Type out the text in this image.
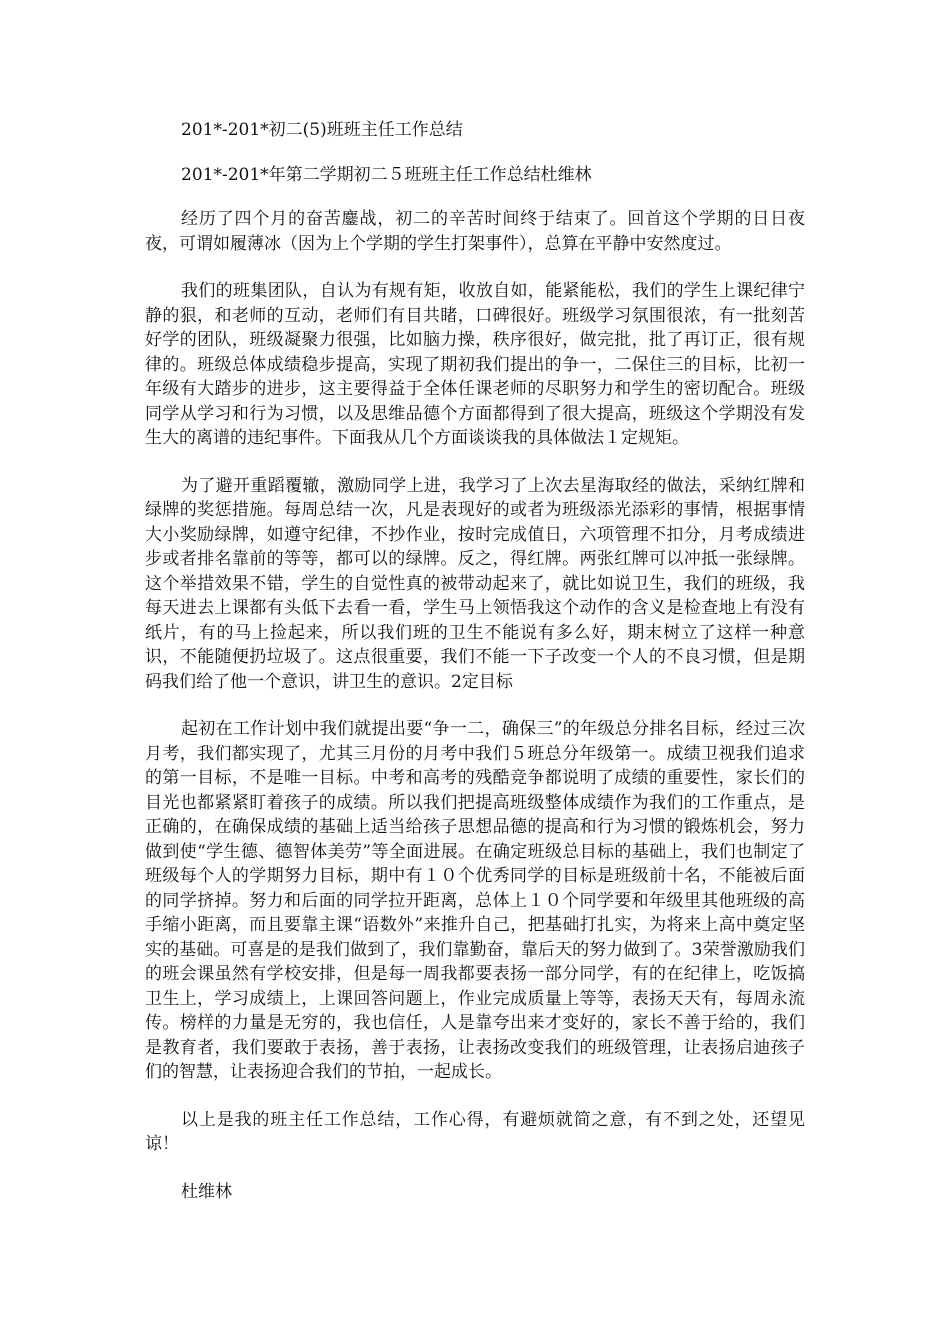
201*-201*初二(5)班班主任工作总结

201*-201*年第二学期初二５班班主任工作总结杜维林

经历了四个月的奋苦鏖战，初二的辛苦时间终于结束了。回首这个学期的日日夜夜，可谓如履薄冰（因为上个学期的学生打架事件），总算在平静中安然度过。

我们的班集团队，自认为有规有矩，收放自如，能紧能松，我们的学生上课纪律宁静的狠，和老师的互动，老师们有目共睹，口碑很好。班级学习氛围很浓，有一批刻苦好学的团队，班级凝聚力很强，比如脑力操，秩序很好，做完批，批了再订正，很有规律的。班级总体成绩稳步提高，实现了期初我们提出的争一，二保住三的目标，比初一年级有大踏步的进步，这主要得益于全体任课老师的尽职努力和学生的密切配合。班级同学从学习和行为习惯，以及思维品德个方面都得到了很大提高，班级这个学期没有发生大的离谱的违纪事件。下面我从几个方面谈谈我的具体做法１定规矩。

为了避开重蹈覆辙，激励同学上进，我学习了上次去星海取经的做法，采纳红牌和绿牌的奖惩措施。每周总结一次，凡是表现好的或者为班级添光添彩的事情，根据事情大小奖励绿牌，如遵守纪律，不抄作业，按时完成值日，六项管理不扣分，月考成绩进步或者排名靠前的等等，都可以的绿牌。反之，得红牌。两张红牌可以冲抵一张绿牌。这个举措效果不错，学生的自觉性真的被带动起来了，就比如说卫生，我们的班级，我每天进去上课都有头低下去看一看，学生马上领悟我这个动作的含义是检查地上有没有纸片，有的马上捡起来，所以我们班的卫生不能说有多么好，期末树立了这样一种意识，不能随便扔垃圾了。这点很重要，我们不能一下子改变一个人的不良习惯，但是期码我们给了他一个意识，讲卫生的意识。2定目标

起初在工作计划中我们就提出要“争一二，确保三”的年级总分排名目标，经过三次月考，我们都实现了，尤其三月份的月考中我们５班总分年级第一。成绩卫视我们追求的第一目标，不是唯一目标。中考和高考的残酷竞争都说明了成绩的重要性，家长们的目光也都紧紧盯着孩子的成绩。所以我们把提高班级整体成绩作为我们的工作重点，是正确的，在确保成绩的基础上适当给孩子思想品德的提高和行为习惯的锻炼机会，努力做到使“学生德、德智体美劳”等全面进展。在确定班级总目标的基础上，我们也制定了班级每个人的学期努力目标，期中有１０个优秀同学的目标是班级前十名，不能被后面的同学挤掉。努力和后面的同学拉开距离，总体上１０个同学要和年级里其他班级的高手缩小距离，而且要靠主课“语数外”来推升自己，把基础打扎实，为将来上高中奠定坚实的基础。可喜是的是我们做到了，我们靠勤奋，靠后天的努力做到了。3荣誉激励我们的班会课虽然有学校安排，但是每一周我都要表扬一部分同学，有的在纪律上，吃饭搞卫生上，学习成绩上，上课回答问题上，作业完成质量上等等，表扬天天有，每周永流传。榜样的力量是无穷的，我也信任，人是靠夸出来才变好的，家长不善于给的，我们是教育者，我们要敢于表扬，善于表扬，让表扬改变我们的班级管理，让表扬启迪孩子们的智慧，让表扬迎合我们的节拍，一起成长。

以上是我的班主任工作总结，工作心得，有避烦就简之意，有不到之处，还望见谅！

杜维林
